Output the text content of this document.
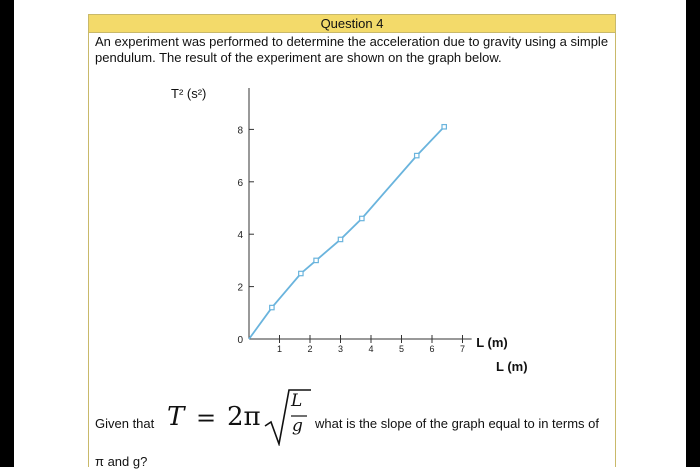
Question 4
An experiment was performed to determine the acceleration due to gravity using a simple pendulum. The result of the experiment are shown on the graph below.
0
2
4
6
8
1	2	3	4	5	6	7
T² (s²)
L (m)
L (m)
Given that T = 2π
L
g what is the slope of the graph equal to in terms of
π and g?
